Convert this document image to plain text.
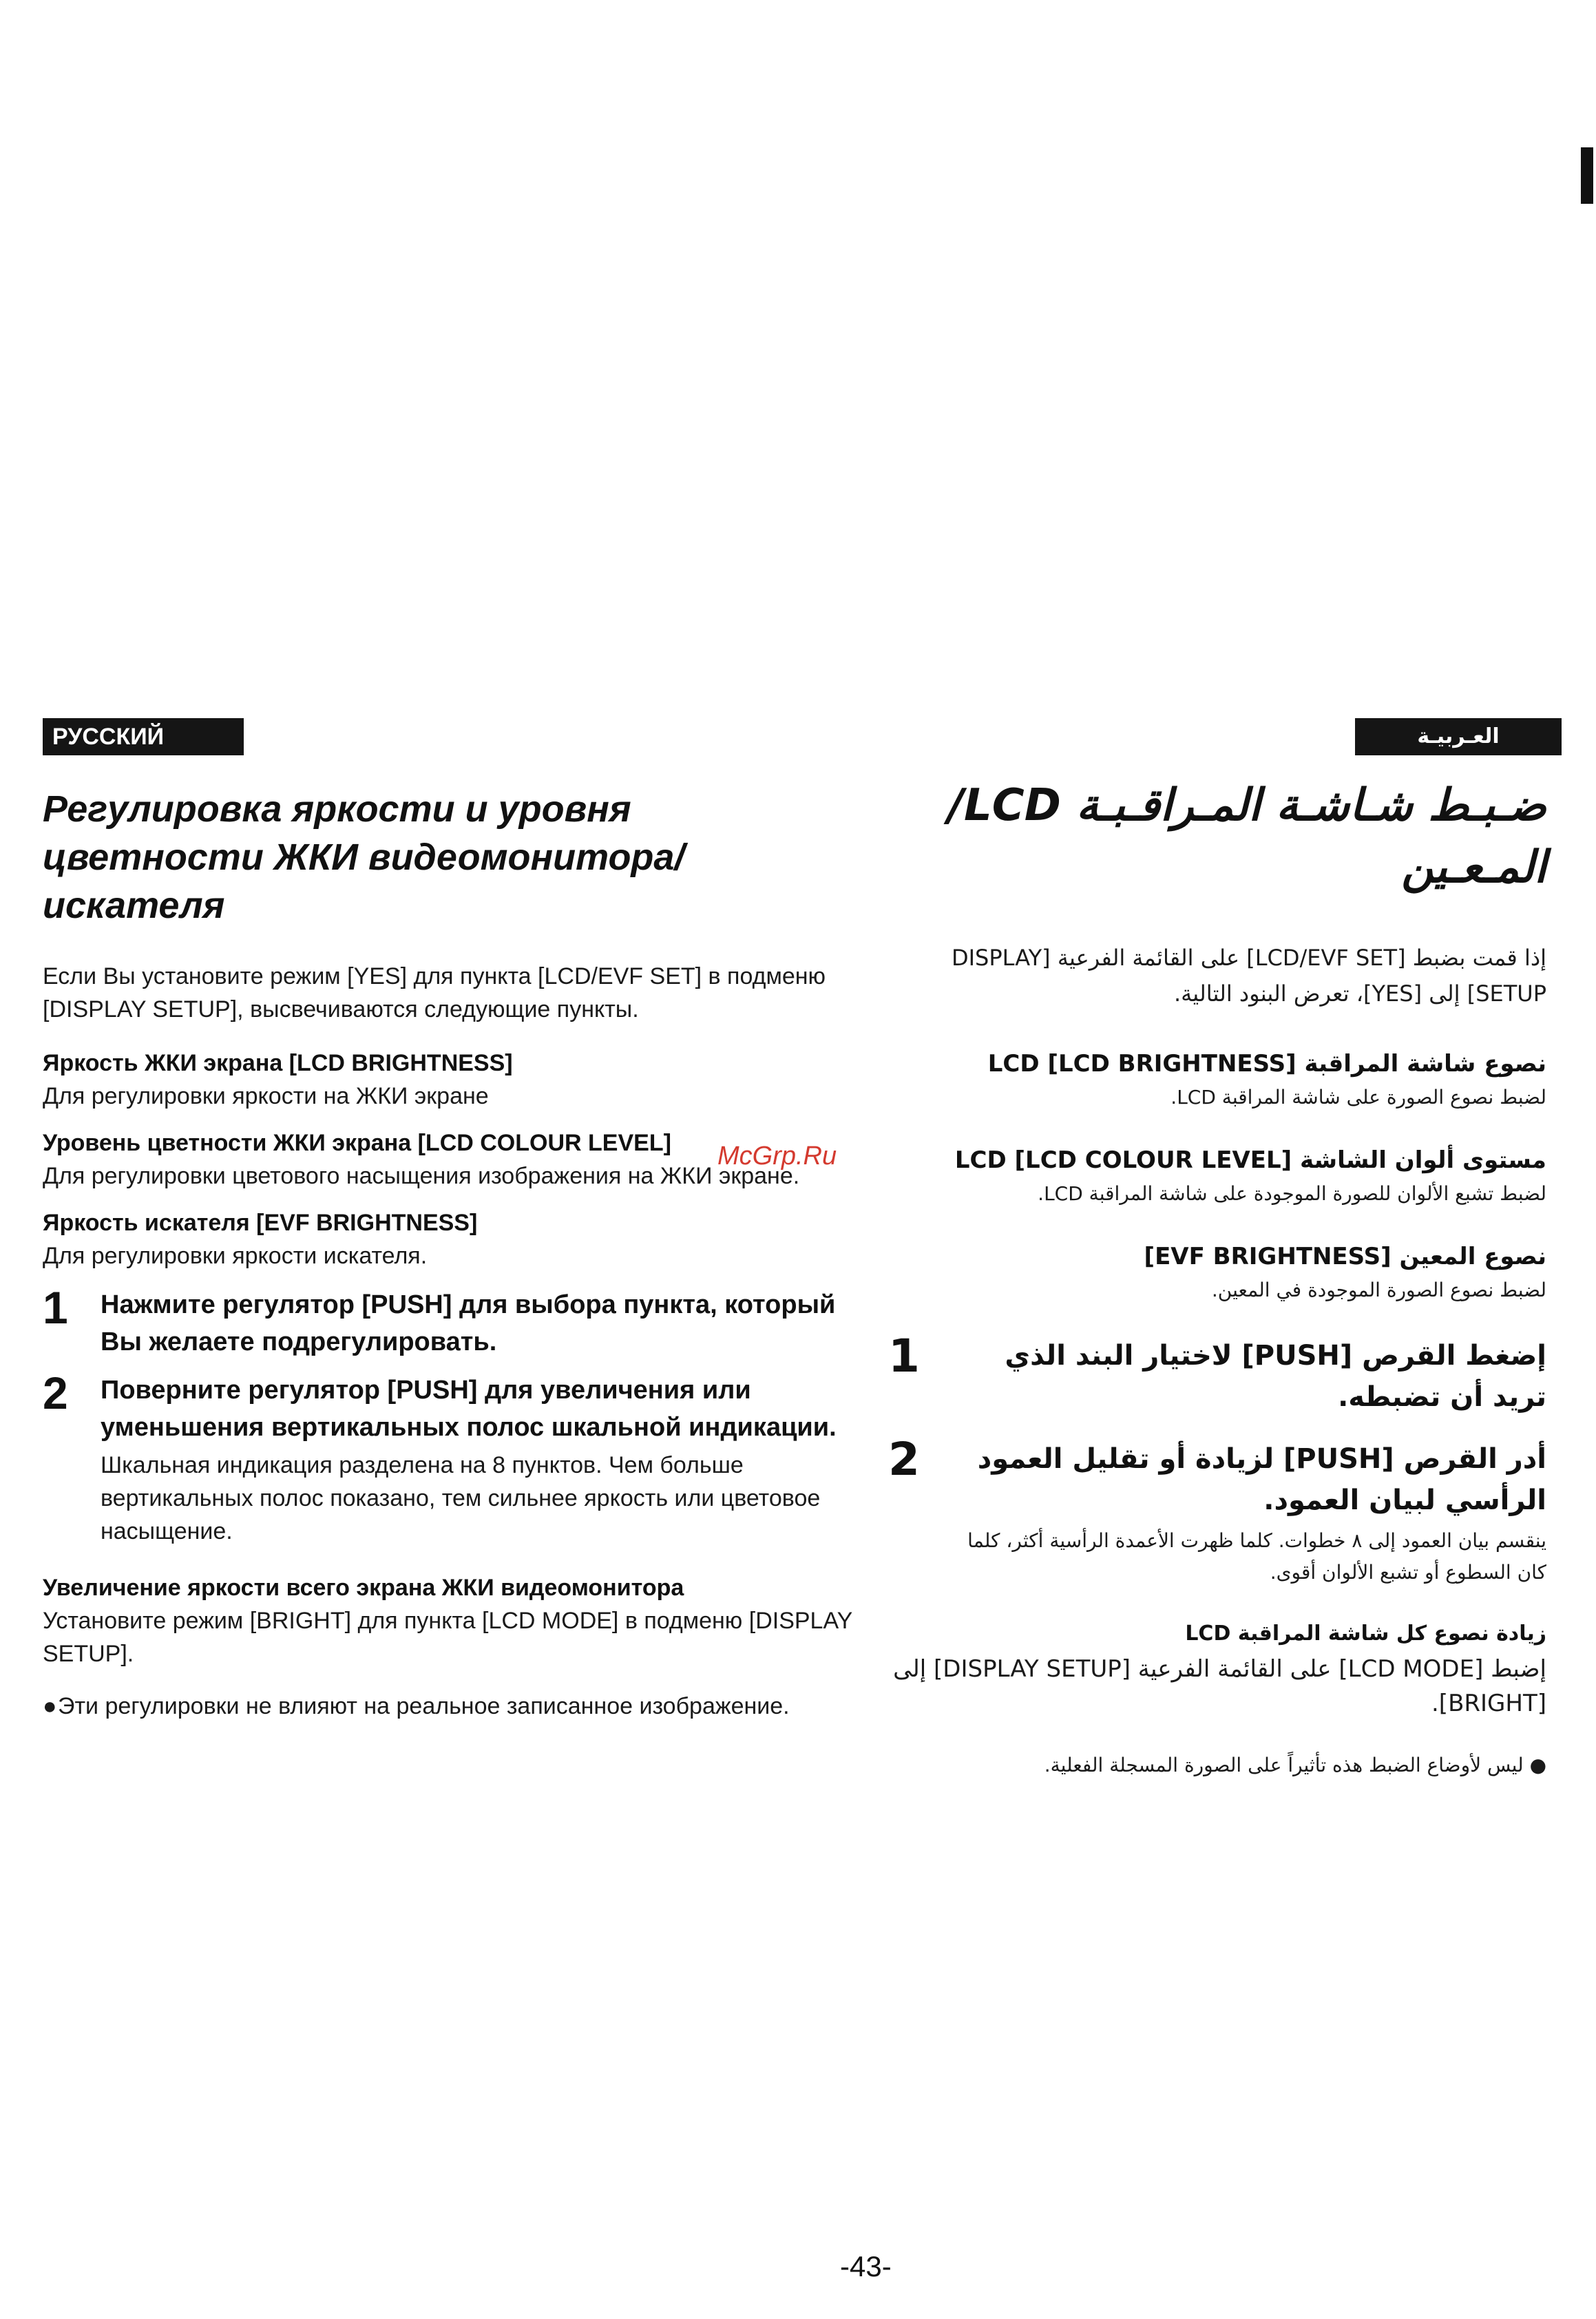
РУССКИЙ ЯЗЫК
العـربيـة
Регулировка яркости и уровня цветности ЖКИ видеомонитора/ искателя
Если Вы установите режим [YES] для пункта [LCD/EVF SET] в подменю [DISPLAY SETUP], высвечиваются следующие пункты.
Яркость ЖКИ экрана [LCD BRIGHTNESS]
Для регулировки яркости на ЖКИ экране
Уровень цветности ЖКИ экрана [LCD COLOUR LEVEL]
Для регулировки цветового насыщения изображения на ЖКИ экране.
Яркость искателя [EVF BRIGHTNESS]
Для регулировки яркости искателя.
1	Нажмите регулятор [PUSH] для выбора пункта, который Вы желаете подрегулировать.
2	Поверните регулятор [PUSH] для увеличения или уменьшения вертикальных полос шкальной индикации.
Шкальная индикация разделена на 8 пунктов. Чем больше вертикальных полос показано, тем сильнее яркость или цветовое насыщение.
Увеличение яркости всего экрана ЖКИ видеомонитора
Установите режим [BRIGHT] для пункта [LCD MODE] в подменю [DISPLAY SETUP].
● Эти регулировки не влияют на реальное записанное изображение.
ضـبـط شـاشـة المـراقـبـة LCD/المـعـين
إذا قمت بضبط [LCD/EVF SET] على القائمة الفرعية [DISPLAY SETUP] إلى [YES]، تعرض البنود التالية.
نصوع شاشة المراقبة LCD [LCD BRIGHTNESS]
لضبط نصوع الصورة على شاشة المراقبة LCD.
مستوى ألوان الشاشة LCD [LCD COLOUR LEVEL]
لضبط تشبع الألوان للصورة الموجودة على شاشة المراقبة LCD.
نصوع المعين [EVF BRIGHTNESS]
لضبط نصوع الصورة الموجودة في المعين.
إضغط القرص [PUSH] لاختيار البند الذي تريد أن تضبطه.
1
أدر القرص [PUSH] لزيادة أو تقليل العمود الرأسي لبيان العمود.
ينقسم بيان العمود إلى ٨ خطوات. كلما ظهرت الأعمدة الرأسية أكثر، كلما كان السطوع أو تشبع الألوان أقوى.
2
زيادة نصوع كل شاشة المراقبة LCD
إضبط [LCD MODE] على القائمة الفرعية [DISPLAY SETUP] إلى [BRIGHT].
● ليس لأوضاع الضبط هذه تأثيراً على الصورة المسجلة الفعلية.
McGrp.Ru
-43-
